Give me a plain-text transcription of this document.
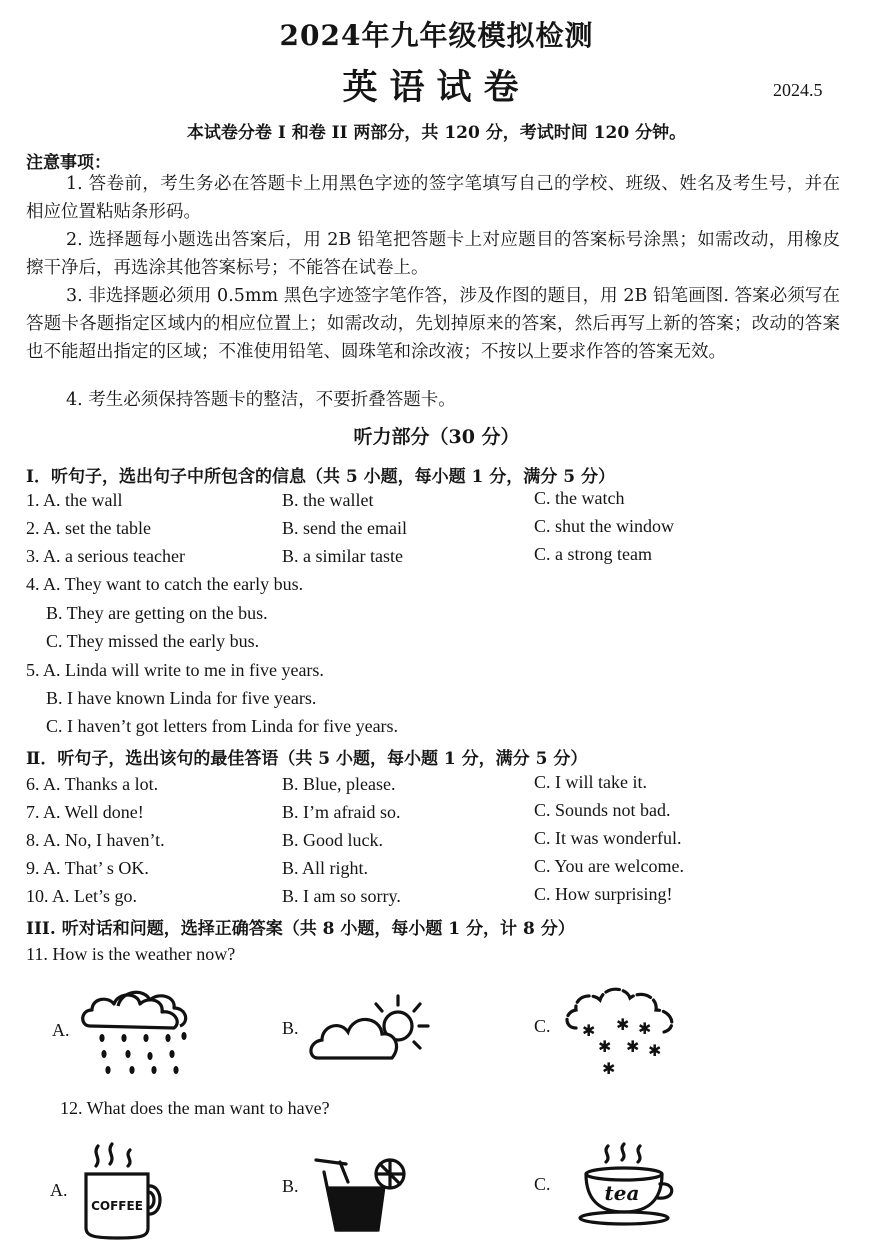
2024年九年级模拟检测
英语试卷	2024.5
本试卷分卷 I 和卷 II 两部分，共 120 分，考试时间 120 分钟。
注意事项：
1. 答卷前，考生务必在答题卡上用黑色字迹的签字笔填写自己的学校、班级、姓名及考生号，并在相应位置粘贴条形码。
2. 选择题每小题选出答案后，用 2B 铅笔把答题卡上对应题目的答案标号涂黑；如需改动，用橡皮擦干净后，再选涂其他答案标号；不能答在试卷上。
3. 非选择题必须用 0.5mm 黑色字迹签字笔作答，涉及作图的题目，用 2B 铅笔画图. 答案必须写在答题卡各题指定区域内的相应位置上；如需改动，先划掉原来的答案，然后再写上新的答案；改动的答案也不能超出指定的区域；不准使用铅笔、圆珠笔和涂改液；不按以上要求作答的答案无效。
4. 考生必须保持答题卡的整洁，不要折叠答题卡。
听力部分（30 分）
Ⅰ．听句子，选出句子中所包含的信息（共 5 小题，每小题 1 分，满分 5 分）
1. A. the wall	B. the wallet	C. the watch
2. A. set the table	B. send the email	C. shut the window
3. A. a serious teacher	B. a similar taste	C. a strong team
4. A. They want to catch the early bus.
B. They are getting on the bus.
C. They missed the early bus.
5. A. Linda will write to me in five years.
B. I have known Linda for five years.
C. I haven’t got letters from Linda for five years.
Ⅱ．听句子，选出该句的最佳答语（共 5 小题，每小题 1 分，满分 5 分）
6. A. Thanks a lot.	B. Blue, please.	C. I will take it.
7. A. Well done!	B. I’m afraid so.	C. Sounds not bad.
8. A. No, I haven’t.	B. Good luck.	C. It was wonderful.
9. A. That’ s OK.	B. All right.	C. You are welcome.
10. A. Let’s go.	B. I am so sorry.	C. How surprising!
III. 听对话和问题，选择正确答案（共 8 小题，每小题 1 分，计 8 分）
11. How is the weather now?
A.	B.	C. ✱ ✱ ✱
✱ ✱ ✱
✱
12. What does the man want to have?
A.	B.	C.
COFFEE
tea
